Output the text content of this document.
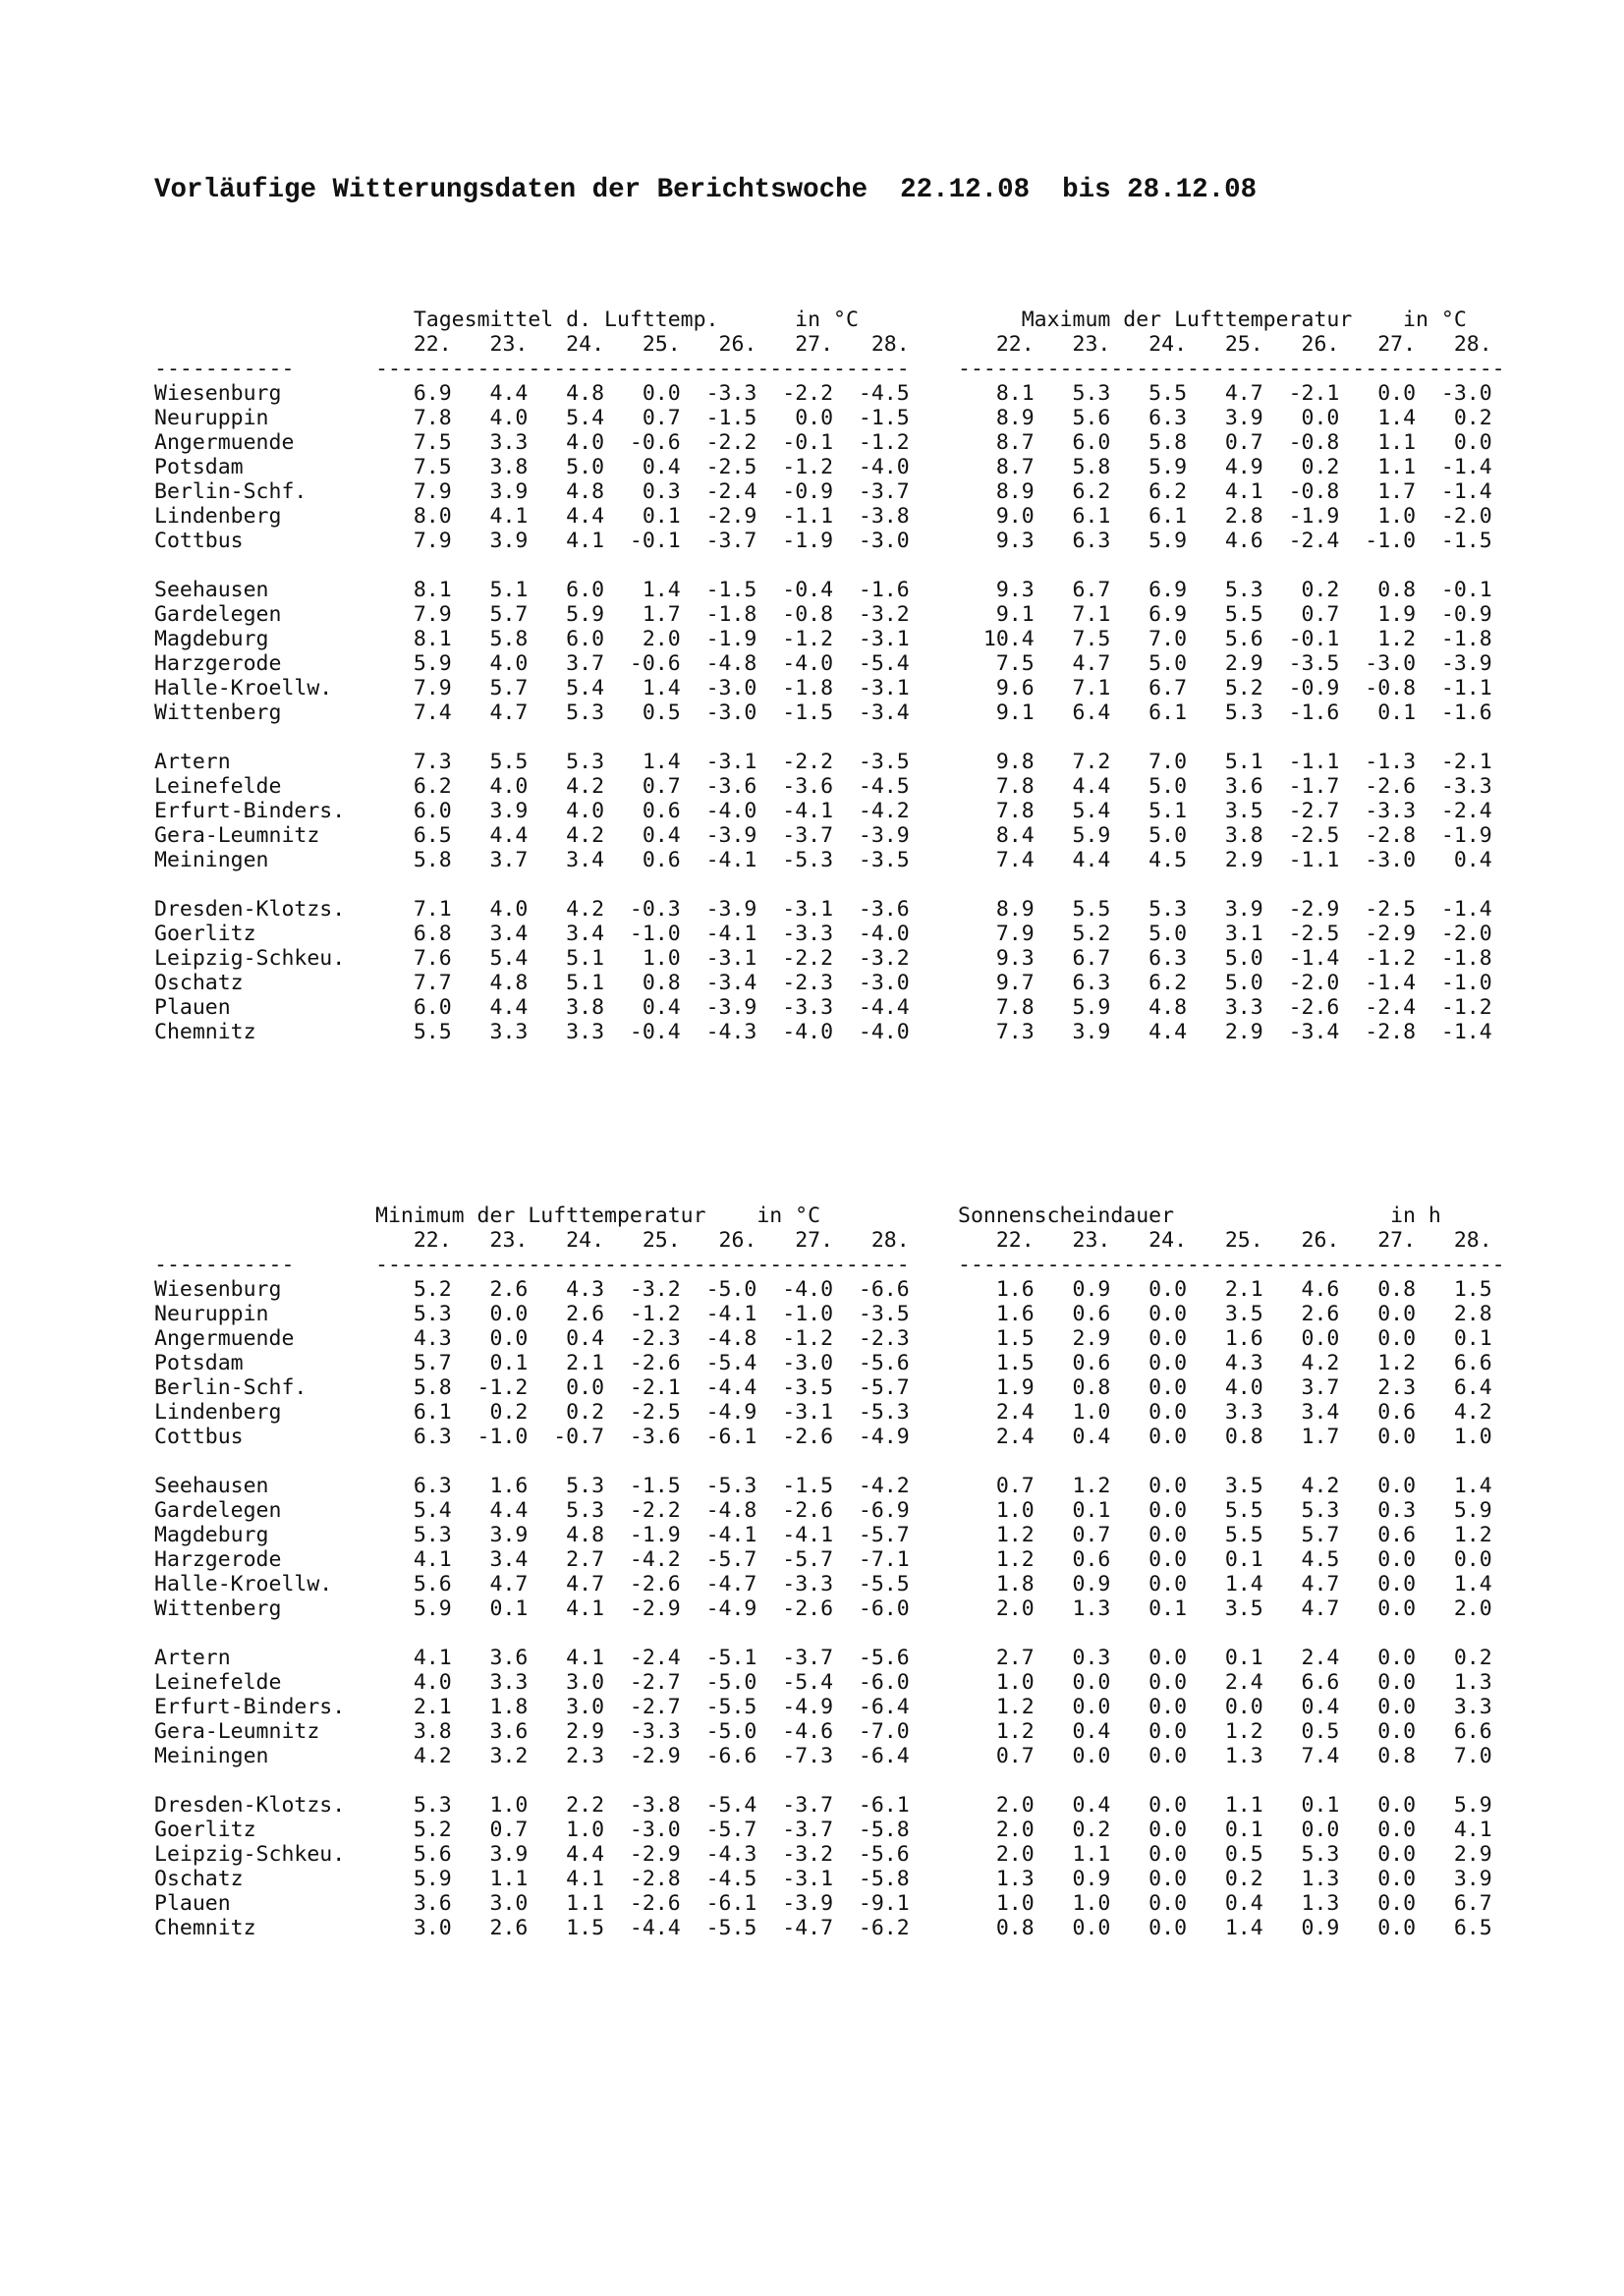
Vorläufige Witterungsdaten der Berichtswoche  22.12.08  bis 28.12.08

-----------
Wiesenburg
Neuruppin
Angermuende
Potsdam
Berlin-Schf.
Lindenberg
Cottbus

Seehausen
Gardelegen
Magdeburg
Harzgerode
Halle-Kroellw.
Wittenberg

Artern
Leinefelde
Erfurt-Binders.
Gera-Leumnitz
Meiningen

Dresden-Klotzs.
Goerlitz
Leipzig-Schkeu.
Oschatz
Plauen
Chemnitz

Tagesmittel d. Lufttemp.      in °C
22.   23.   24.   25.   26.   27.   28.
------------------------------------------
6.9   4.4   4.8   0.0  -3.3  -2.2  -4.5
7.8   4.0   5.4   0.7  -1.5   0.0  -1.5
7.5   3.3   4.0  -0.6  -2.2  -0.1  -1.2
7.5   3.8   5.0   0.4  -2.5  -1.2  -4.0
7.9   3.9   4.8   0.3  -2.4  -0.9  -3.7
8.0   4.1   4.4   0.1  -2.9  -1.1  -3.8
7.9   3.9   4.1  -0.1  -3.7  -1.9  -3.0

8.1   5.1   6.0   1.4  -1.5  -0.4  -1.6
7.9   5.7   5.9   1.7  -1.8  -0.8  -3.2
8.1   5.8   6.0   2.0  -1.9  -1.2  -3.1
5.9   4.0   3.7  -0.6  -4.8  -4.0  -5.4
7.9   5.7   5.4   1.4  -3.0  -1.8  -3.1
7.4   4.7   5.3   0.5  -3.0  -1.5  -3.4

7.3   5.5   5.3   1.4  -3.1  -2.2  -3.5
6.2   4.0   4.2   0.7  -3.6  -3.6  -4.5
6.0   3.9   4.0   0.6  -4.0  -4.1  -4.2
6.5   4.4   4.2   0.4  -3.9  -3.7  -3.9
5.8   3.7   3.4   0.6  -4.1  -5.3  -3.5

7.1   4.0   4.2  -0.3  -3.9  -3.1  -3.6
6.8   3.4   3.4  -1.0  -4.1  -3.3  -4.0
7.6   5.4   5.1   1.0  -3.1  -2.2  -3.2
7.7   4.8   5.1   0.8  -3.4  -2.3  -3.0
6.0   4.4   3.8   0.4  -3.9  -3.3  -4.4
5.5   3.3   3.3  -0.4  -4.3  -4.0  -4.0

Maximum der Lufttemperatur    in °C
22.   23.   24.   25.   26.   27.   28.
-------------------------------------------
8.1   5.3   5.5   4.7  -2.1   0.0  -3.0
8.9   5.6   6.3   3.9   0.0   1.4   0.2
8.7   6.0   5.8   0.7  -0.8   1.1   0.0
8.7   5.8   5.9   4.9   0.2   1.1  -1.4
8.9   6.2   6.2   4.1  -0.8   1.7  -1.4
9.0   6.1   6.1   2.8  -1.9   1.0  -2.0
9.3   6.3   5.9   4.6  -2.4  -1.0  -1.5

9.3   6.7   6.9   5.3   0.2   0.8  -0.1
9.1   7.1   6.9   5.5   0.7   1.9  -0.9
10.4   7.5   7.0   5.6  -0.1   1.2  -1.8
7.5   4.7   5.0   2.9  -3.5  -3.0  -3.9
9.6   7.1   6.7   5.2  -0.9  -0.8  -1.1
9.1   6.4   6.1   5.3  -1.6   0.1  -1.6

9.8   7.2   7.0   5.1  -1.1  -1.3  -2.1
7.8   4.4   5.0   3.6  -1.7  -2.6  -3.3
7.8   5.4   5.1   3.5  -2.7  -3.3  -2.4
8.4   5.9   5.0   3.8  -2.5  -2.8  -1.9
7.4   4.4   4.5   2.9  -1.1  -3.0   0.4

8.9   5.5   5.3   3.9  -2.9  -2.5  -1.4
7.9   5.2   5.0   3.1  -2.5  -2.9  -2.0
9.3   6.7   6.3   5.0  -1.4  -1.2  -1.8
9.7   6.3   6.2   5.0  -2.0  -1.4  -1.0
7.8   5.9   4.8   3.3  -2.6  -2.4  -1.2
7.3   3.9   4.4   2.9  -3.4  -2.8  -1.4

-----------
Wiesenburg
Neuruppin
Angermuende
Potsdam
Berlin-Schf.
Lindenberg
Cottbus

Seehausen
Gardelegen
Magdeburg
Harzgerode
Halle-Kroellw.
Wittenberg

Artern
Leinefelde
Erfurt-Binders.
Gera-Leumnitz
Meiningen

Dresden-Klotzs.
Goerlitz
Leipzig-Schkeu.
Oschatz
Plauen
Chemnitz

Minimum der Lufttemperatur    in °C
22.   23.   24.   25.   26.   27.   28.
------------------------------------------
5.2   2.6   4.3  -3.2  -5.0  -4.0  -6.6
5.3   0.0   2.6  -1.2  -4.1  -1.0  -3.5
4.3   0.0   0.4  -2.3  -4.8  -1.2  -2.3
5.7   0.1   2.1  -2.6  -5.4  -3.0  -5.6
5.8  -1.2   0.0  -2.1  -4.4  -3.5  -5.7
6.1   0.2   0.2  -2.5  -4.9  -3.1  -5.3
6.3  -1.0  -0.7  -3.6  -6.1  -2.6  -4.9

6.3   1.6   5.3  -1.5  -5.3  -1.5  -4.2
5.4   4.4   5.3  -2.2  -4.8  -2.6  -6.9
5.3   3.9   4.8  -1.9  -4.1  -4.1  -5.7
4.1   3.4   2.7  -4.2  -5.7  -5.7  -7.1
5.6   4.7   4.7  -2.6  -4.7  -3.3  -5.5
5.9   0.1   4.1  -2.9  -4.9  -2.6  -6.0

4.1   3.6   4.1  -2.4  -5.1  -3.7  -5.6
4.0   3.3   3.0  -2.7  -5.0  -5.4  -6.0
2.1   1.8   3.0  -2.7  -5.5  -4.9  -6.4
3.8   3.6   2.9  -3.3  -5.0  -4.6  -7.0
4.2   3.2   2.3  -2.9  -6.6  -7.3  -6.4

5.3   1.0   2.2  -3.8  -5.4  -3.7  -6.1
5.2   0.7   1.0  -3.0  -5.7  -3.7  -5.8
5.6   3.9   4.4  -2.9  -4.3  -3.2  -5.6
5.9   1.1   4.1  -2.8  -4.5  -3.1  -5.8
3.6   3.0   1.1  -2.6  -6.1  -3.9  -9.1
3.0   2.6   1.5  -4.4  -5.5  -4.7  -6.2

Sonnenscheindauer                 in h
22.   23.   24.   25.   26.   27.   28.
-------------------------------------------
1.6   0.9   0.0   2.1   4.6   0.8   1.5
1.6   0.6   0.0   3.5   2.6   0.0   2.8
1.5   2.9   0.0   1.6   0.0   0.0   0.1
1.5   0.6   0.0   4.3   4.2   1.2   6.6
1.9   0.8   0.0   4.0   3.7   2.3   6.4
2.4   1.0   0.0   3.3   3.4   0.6   4.2
2.4   0.4   0.0   0.8   1.7   0.0   1.0

0.7   1.2   0.0   3.5   4.2   0.0   1.4
1.0   0.1   0.0   5.5   5.3   0.3   5.9
1.2   0.7   0.0   5.5   5.7   0.6   1.2
1.2   0.6   0.0   0.1   4.5   0.0   0.0
1.8   0.9   0.0   1.4   4.7   0.0   1.4
2.0   1.3   0.1   3.5   4.7   0.0   2.0

2.7   0.3   0.0   0.1   2.4   0.0   0.2
1.0   0.0   0.0   2.4   6.6   0.0   1.3
1.2   0.0   0.0   0.0   0.4   0.0   3.3
1.2   0.4   0.0   1.2   0.5   0.0   6.6
0.7   0.0   0.0   1.3   7.4   0.8   7.0

2.0   0.4   0.0   1.1   0.1   0.0   5.9
2.0   0.2   0.0   0.1   0.0   0.0   4.1
2.0   1.1   0.0   0.5   5.3   0.0   2.9
1.3   0.9   0.0   0.2   1.3   0.0   3.9
1.0   1.0   0.0   0.4   1.3   0.0   6.7
0.8   0.0   0.0   1.4   0.9   0.0   6.5
